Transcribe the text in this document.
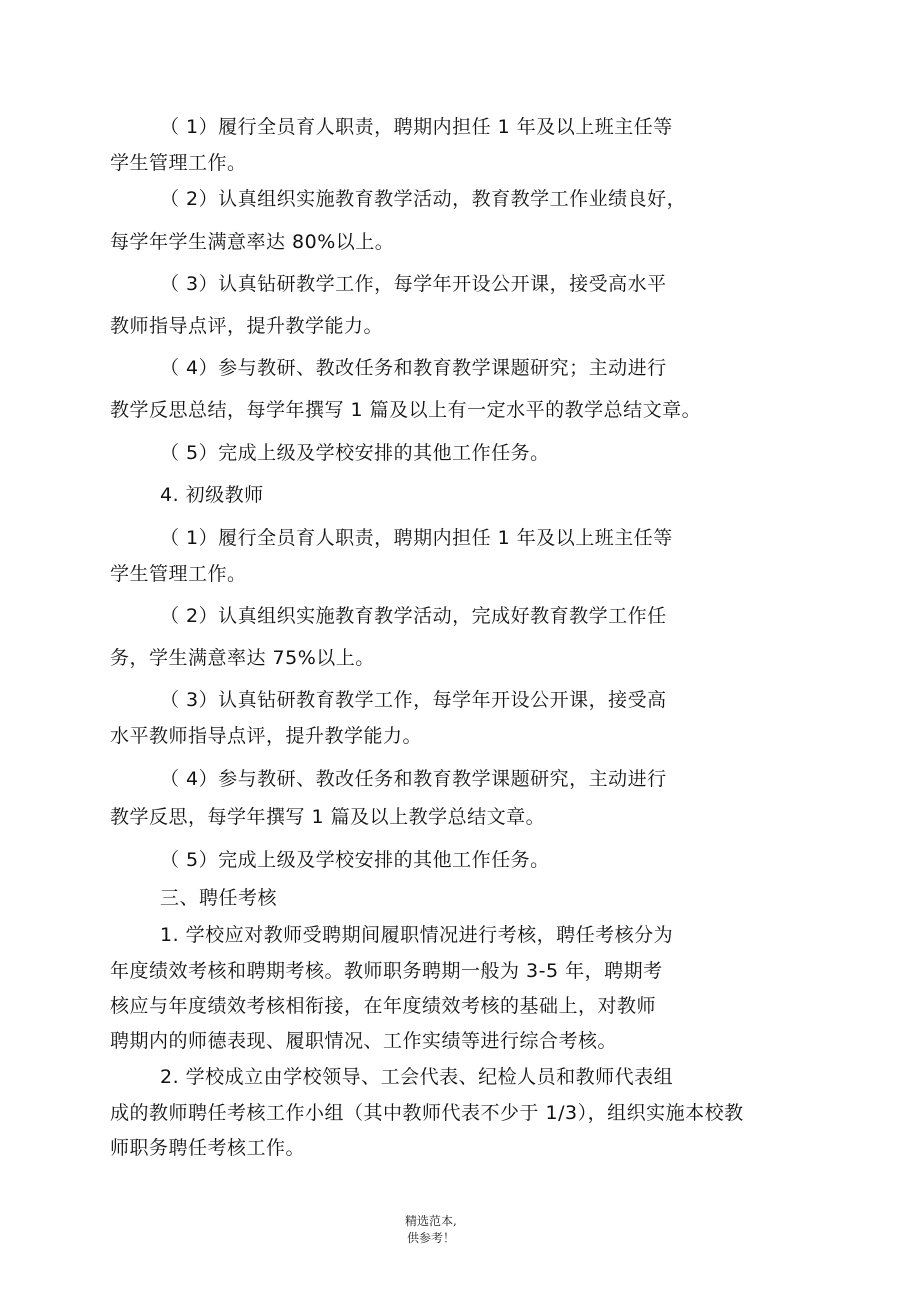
（ 1）履行全员育人职责，聘期内担任 1 年及以上班主任等
学生管理工作。
（ 2）认真组织实施教育教学活动，教育教学工作业绩良好，
每学年学生满意率达 80%以上。
（ 3）认真钻研教学工作，每学年开设公开课，接受高水平
教师指导点评，提升教学能力。
（ 4）参与教研、教改任务和教育教学课题研究；主动进行
教学反思总结，每学年撰写 1 篇及以上有一定水平的教学总结文章。
（ 5）完成上级及学校安排的其他工作任务。
4. 初级教师
（ 1）履行全员育人职责，聘期内担任 1 年及以上班主任等
学生管理工作。
（ 2）认真组织实施教育教学活动，完成好教育教学工作任
务，学生满意率达 75%以上。
（ 3）认真钻研教育教学工作，每学年开设公开课，接受高
水平教师指导点评，提升教学能力。
（ 4）参与教研、教改任务和教育教学课题研究，主动进行
教学反思，每学年撰写 1 篇及以上教学总结文章。
（ 5）完成上级及学校安排的其他工作任务。
三、聘任考核
1. 学校应对教师受聘期间履职情况进行考核，聘任考核分为
年度绩效考核和聘期考核。教师职务聘期一般为 3-5 年，聘期考
核应与年度绩效考核相衔接，在年度绩效考核的基础上，对教师
聘期内的师德表现、履职情况、工作实绩等进行综合考核。
2. 学校成立由学校领导、工会代表、纪检人员和教师代表组
成的教师聘任考核工作小组（其中教师代表不少于 1/3），组织实施本校教
师职务聘任考核工作。
精选范本,
供参考！
